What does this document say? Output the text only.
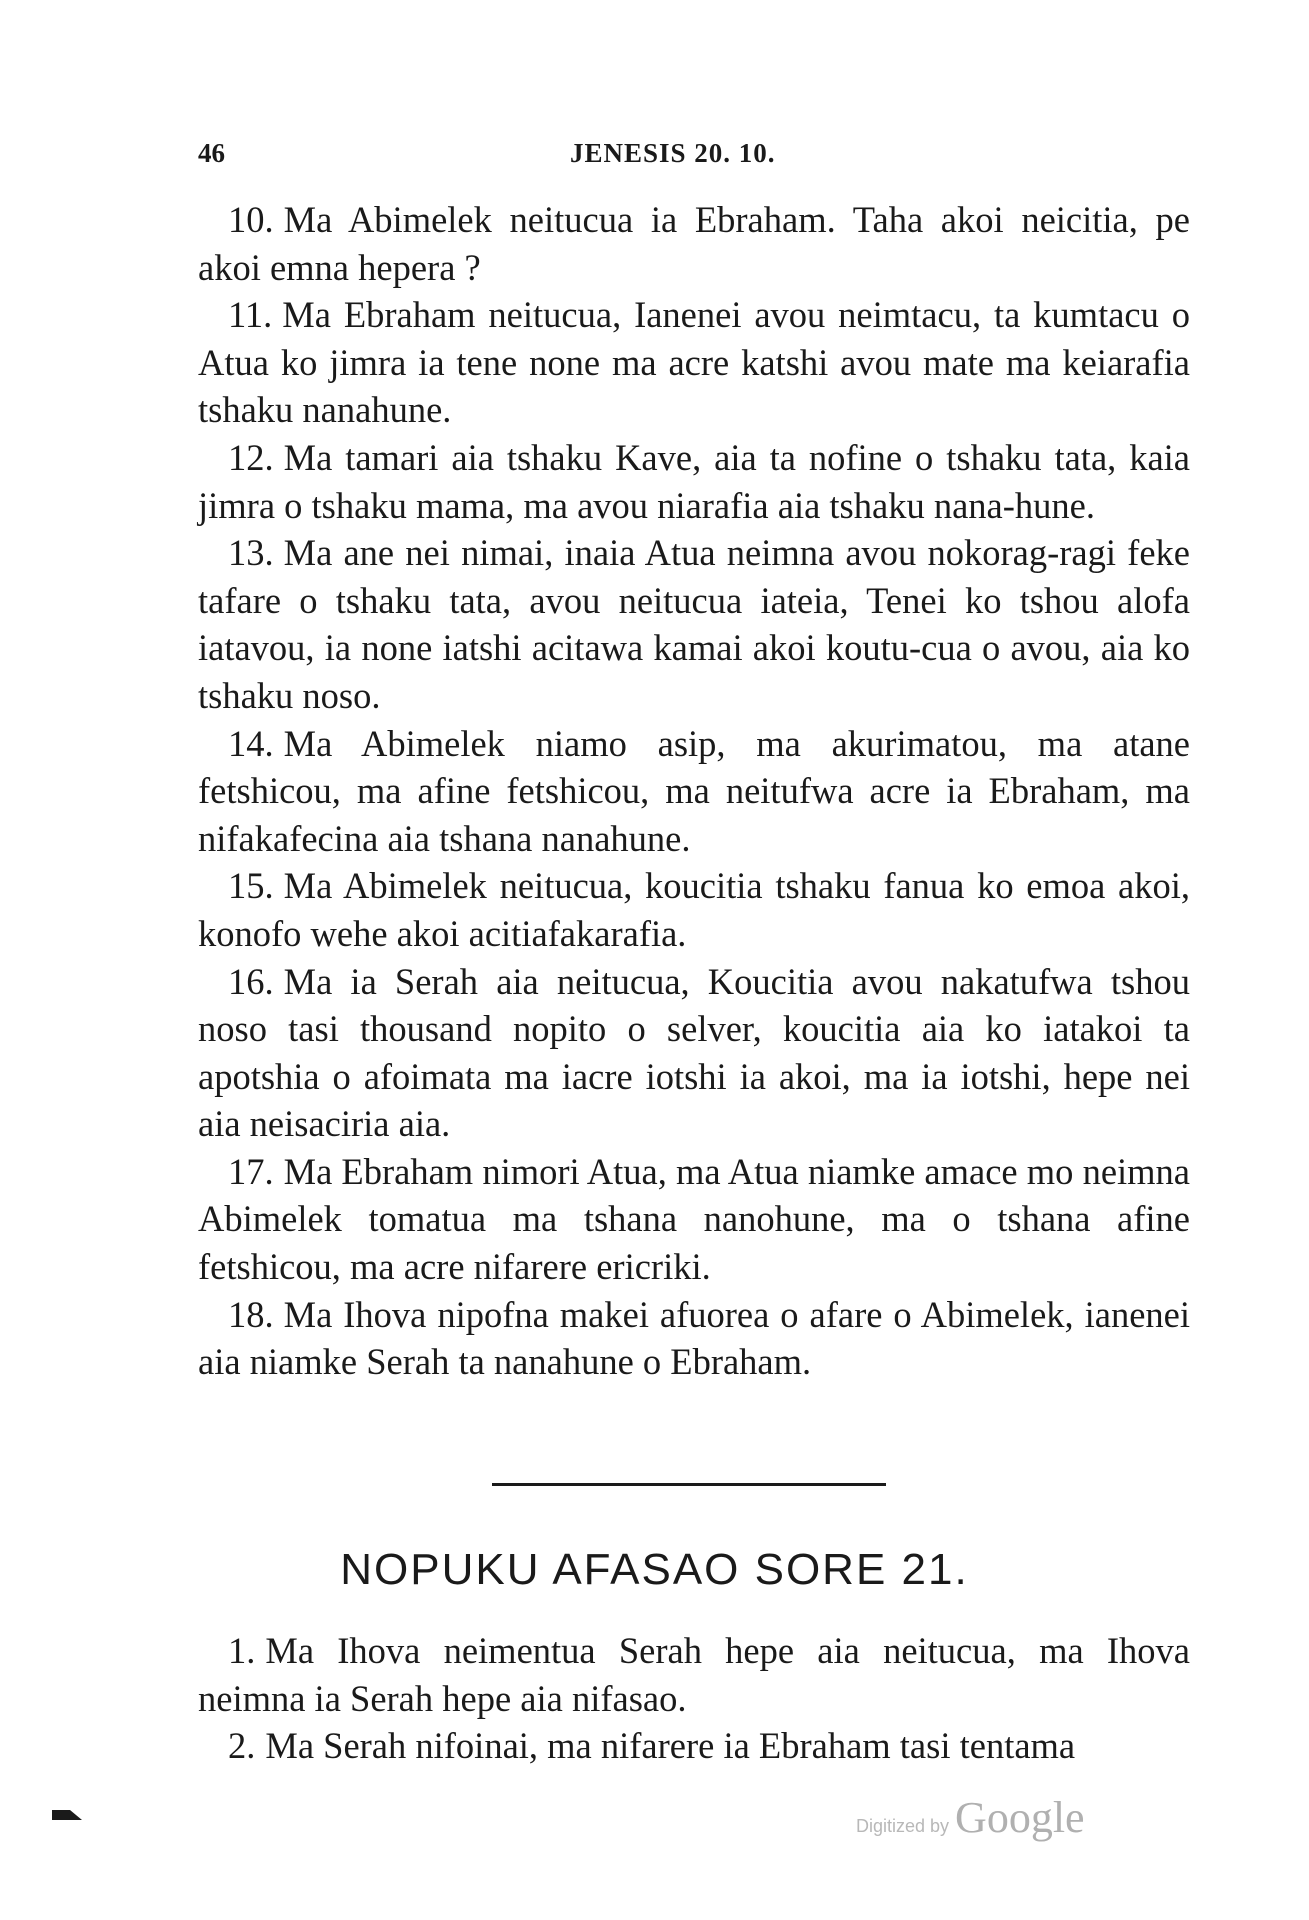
46	JENESIS 20. 10.

10. Ma Abimelek neitucua ia Ebraham. Taha akoi neicitia, pe akoi emna hepera ?

11. Ma Ebraham neitucua, Ianenei avou neimtacu, ta kumtacu o Atua ko jimra ia tene none ma acre katshi avou mate ma keiarafia tshaku nanahune.

12. Ma tamari aia tshaku Kave, aia ta nofine o tshaku tata, kaia jimra o tshaku mama, ma avou niarafia aia tshaku nana-hune.

13. Ma ane nei nimai, inaia Atua neimna avou nokorag-ragi feke tafare o tshaku tata, avou neitucua iateia, Tenei ko tshou alofa iatavou, ia none iatshi acitawa kamai akoi koutu-cua o avou, aia ko tshaku noso.

14. Ma Abimelek niamo asip, ma akurimatou, ma atane fetshicou, ma afine fetshicou, ma neitufwa acre ia Ebraham, ma nifakafecina aia tshana nanahune.

15. Ma Abimelek neitucua, koucitia tshaku fanua ko emoa akoi, konofo wehe akoi acitiafakarafia.

16. Ma ia Serah aia neitucua, Koucitia avou nakatufwa tshou noso tasi thousand nopito o selver, koucitia aia ko iatakoi ta apotshia o afoimata ma iacre iotshi ia akoi, ma ia iotshi, hepe nei aia neisaciria aia.

17. Ma Ebraham nimori Atua, ma Atua niamke amace mo neimna Abimelek tomatua ma tshana nanohune, ma o tshana afine fetshicou, ma acre nifarere ericriki.

18. Ma Ihova nipofna makei afuorea o afare o Abimelek, ianenei aia niamke Serah ta nanahune o Ebraham.

NOPUKU AFASAO SORE 21.

1. Ma Ihova neimentua Serah hepe aia neitucua, ma Ihova neimna ia Serah hepe aia nifasao.

2. Ma Serah nifoinai, ma nifarere ia Ebraham tasi tentama

Digitized by Google
